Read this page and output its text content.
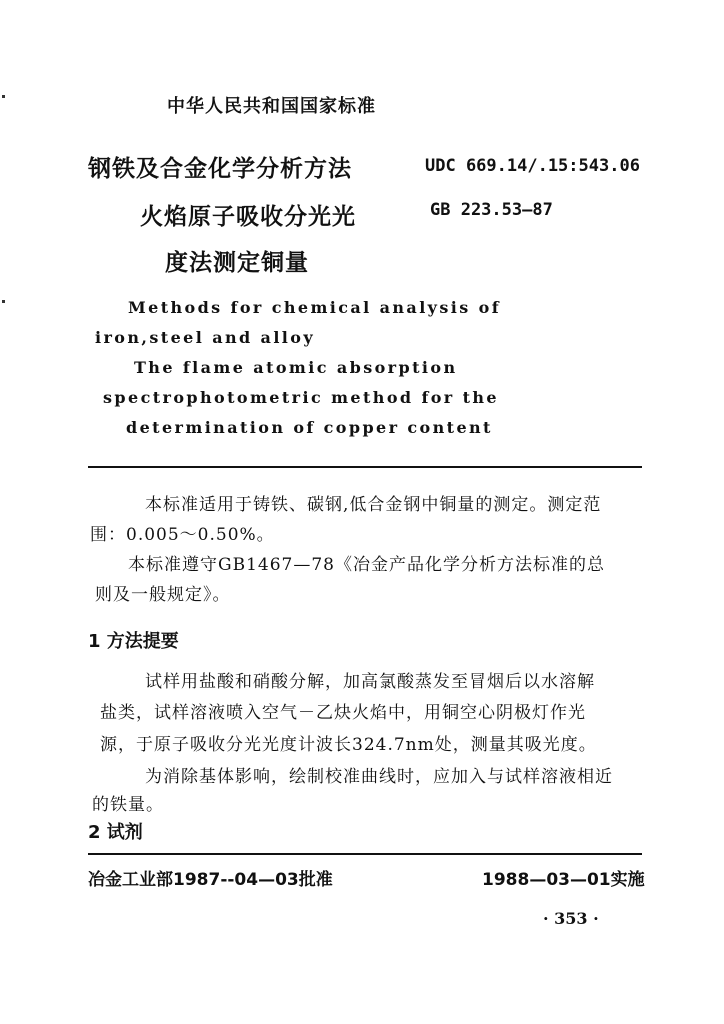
中华人民共和国国家标准
钢铁及合金化学分析方法
火焰原子吸收分光光
度法测定铜量
UDC 669.14/.15:543.06
GB 223.53—87
Methods for chemical analysis of
iron,steel and alloy
The flame atomic absorption
spectrophotometric method for the
determination of copper content
本标准适用于铸铁、碳钢,低合金钢中铜量的测定。测定范
围：0.005～0.50%。
本标准遵守GB1467—78《冶金产品化学分析方法标准的总
则及一般规定》。
1 方法提要
试样用盐酸和硝酸分解，加高氯酸蒸发至冒烟后以水溶解
盐类，试样溶液喷入空气－乙炔火焰中，用铜空心阴极灯作光
源，于原子吸收分光光度计波长324.7nm处，测量其吸光度。
为消除基体影响，绘制校准曲线时，应加入与试样溶液相近
的铁量。
2 试剂
冶金工业部1987--04—03批准	1988—03—01实施
· 353 ·
